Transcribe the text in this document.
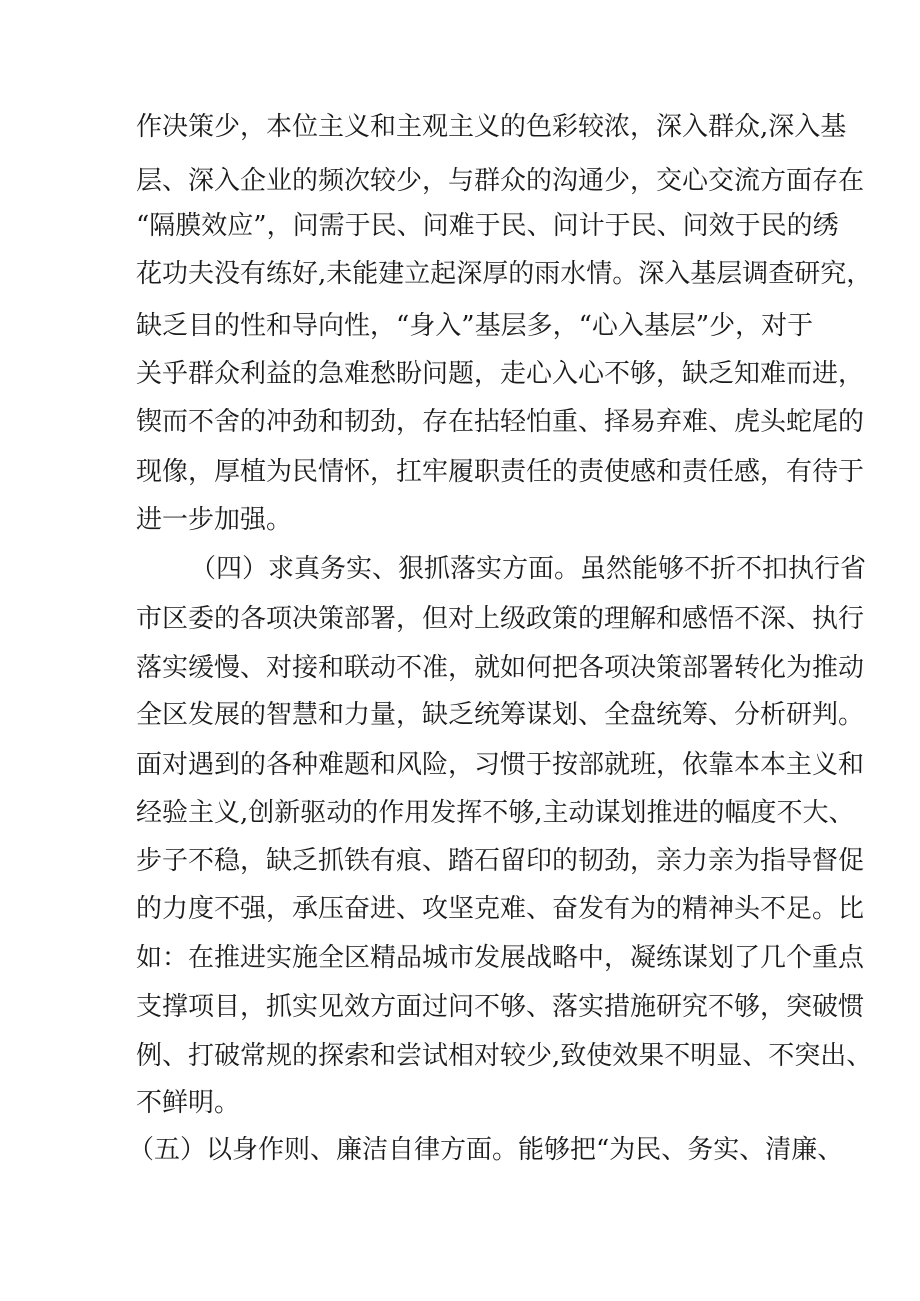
作决策少，本位主义和主观主义的色彩较浓，深入群众,深入基
层、深入企业的频次较少，与群众的沟通少，交心交流方面存在
“隔膜效应”，问需于民、问难于民、问计于民、问效于民的绣
花功夫没有练好,未能建立起深厚的雨水情。深入基层调查研究，
缺乏目的性和导向性，“身入”基层多，“心入基层”少，对于
关乎群众利益的急难愁盼问题，走心入心不够，缺乏知难而进，
锲而不舍的冲劲和韧劲，存在拈轻怕重、择易弃难、虎头蛇尾的
现像，厚植为民情怀，扛牢履职责任的责使感和责任感，有待于
进一步加强。
（四）求真务实、狠抓落实方面。虽然能够不折不扣执行省
市区委的各项决策部署，但对上级政策的理解和感悟不深、执行
落实缓慢、对接和联动不准，就如何把各项决策部署转化为推动
全区发展的智慧和力量，缺乏统筹谋划、全盘统筹、分析研判。
面对遇到的各种难题和风险，习惯于按部就班，依靠本本主义和
经验主义,创新驱动的作用发挥不够,主动谋划推进的幅度不大、
步子不稳，缺乏抓铁有痕、踏石留印的韧劲，亲力亲为指导督促
的力度不强，承压奋进、攻坚克难、奋发有为的精神头不足。比
如：在推进实施全区精品城市发展战略中，凝练谋划了几个重点
支撑项目，抓实见效方面过问不够、落实措施研究不够，突破惯
例、打破常规的探索和尝试相对较少,致使效果不明显、不突出、
不鲜明。
（五）以身作则、廉洁自律方面。能够把“为民、务实、清廉、
